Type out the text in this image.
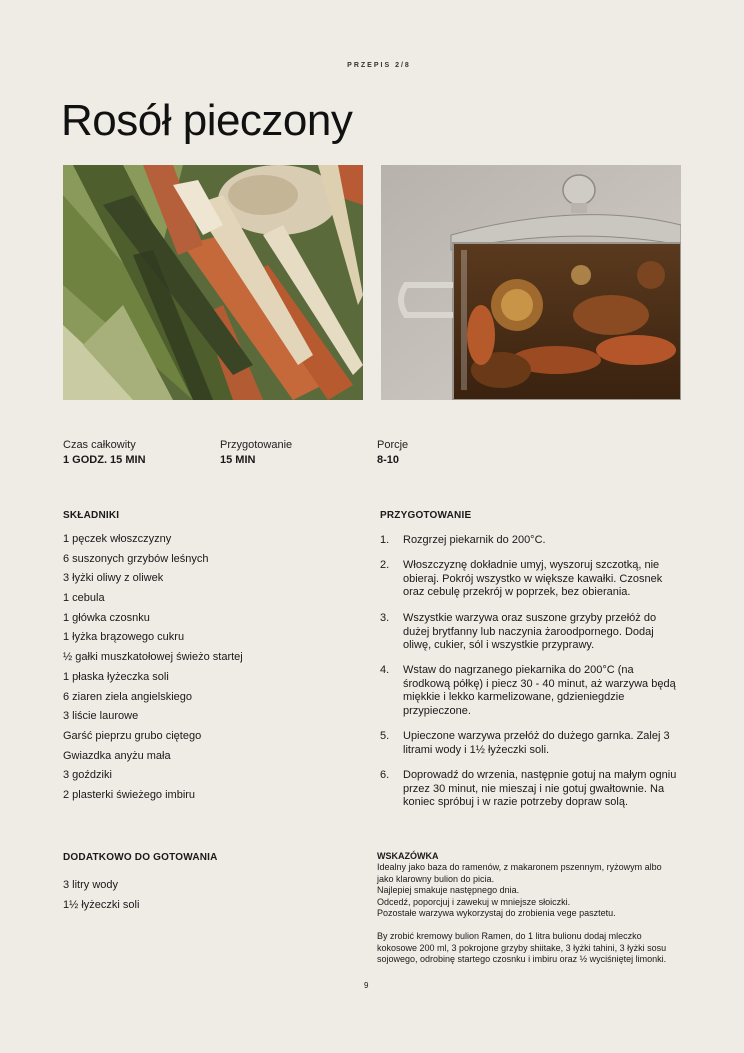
PRZEPIS 2/8
Rosół pieczony
Czas całkowity
1 GODZ. 15 MIN
Przygotowanie
15 MIN
Porcje
8-10
SKŁADNIKI
1 pęczek włoszczyzny
6 suszonych grzybów leśnych
3 łyżki oliwy z oliwek
1 cebula
1 główka czosnku
1 łyżka brązowego cukru
½ gałki muszkatołowej świeżo startej
1 płaska łyżeczka soli
6 ziaren ziela angielskiego
3 liście laurowe
Garść pieprzu grubo ciętego
Gwiazdka anyżu mała
3 goździki
2 plasterki świeżego imbiru
DODATKOWO DO GOTOWANIA
3 litry wody
1½ łyżeczki soli
PRZYGOTOWANIE
1. Rozgrzej piekarnik do 200°C.
2. Włoszczyznę dokładnie umyj, wyszoruj szczotką, nie obieraj. Pokrój wszystko w większe kawałki. Czosnek oraz cebulę przekrój w poprzek, bez obierania.
3. Wszystkie warzywa oraz suszone grzyby przełóż do dużej brytfanny lub naczynia żaroodpornego. Dodaj oliwę, cukier, sól i wszystkie przyprawy.
4. Wstaw do nagrzanego piekarnika do 200°C (na środkową półkę) i piecz 30 - 40 minut, aż warzywa będą miękkie i lekko karmelizowane, gdzieniegdzie przypieczone.
5. Upieczone warzywa przełóż do dużego garnka. Zalej 3 litrami wody i 1½ łyżeczki soli.
6. Doprowadź do wrzenia, następnie gotuj na małym ogniu przez 30 minut, nie mieszaj i nie gotuj gwałtownie. Na koniec spróbuj i w razie potrzeby dopraw solą.
WSKAZÓWKA

Idealny jako baza do ramenów, z makaronem pszennym, ryżowym albo jako klarowny bulion do picia.

Najlepiej smakuje następnego dnia.

Odcedź, poporcjuj i zawekuj w mniejsze słoiczki.

Pozostałe warzywa wykorzystaj do zrobienia vege pasztetu.

By zrobić kremowy bulion Ramen, do 1 litra bulionu dodaj mleczko kokosowe 200 ml, 3 pokrojone grzyby shiitake, 3 łyżki tahini, 3 łyżki sosu sojowego, odrobinę startego czosnku i imbiru oraz ½ wyciśniętej limonki.

9
